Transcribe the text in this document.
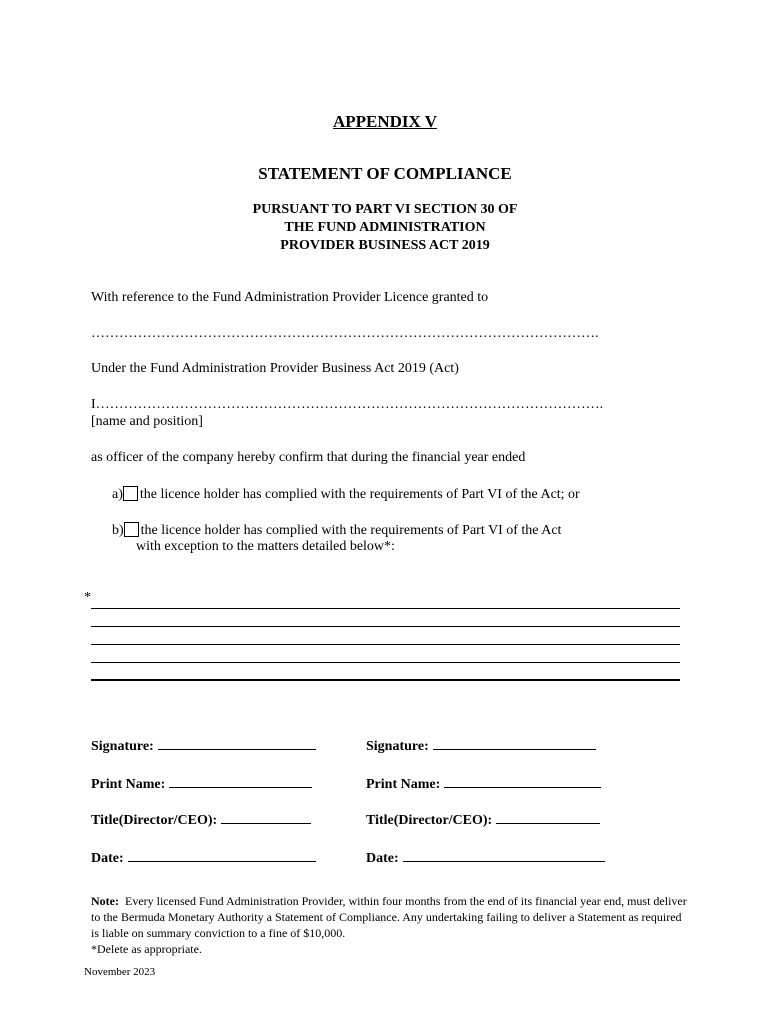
APPENDIX V
STATEMENT OF COMPLIANCE
PURSUANT TO PART VI SECTION 30 OF
THE FUND ADMINISTRATION
PROVIDER BUSINESS ACT 2019
With reference to the Fund Administration Provider Licence granted to
……………………………………………………………………………………………….
Under the Fund Administration Provider Business Act 2019 (Act)
I……………………………………………………………………………………………….
[name and position]
as officer of the company hereby confirm that during the financial year ended
a) the licence holder has complied with the requirements of Part VI of the Act; or
b) the licence holder has complied with the requirements of Part VI of the Act
with exception to the matters detailed below*:
*
Signature:
Print Name:
Title(Director/CEO):
Date:
Signature:
Print Name:
Title(Director/CEO):
Date:
Note: Every licensed Fund Administration Provider, within four months from the end of its financial year end, must deliver to the Bermuda Monetary Authority a Statement of Compliance. Any undertaking failing to deliver a Statement as required is liable on summary conviction to a fine of $10,000.
*Delete as appropriate.
November 2023
